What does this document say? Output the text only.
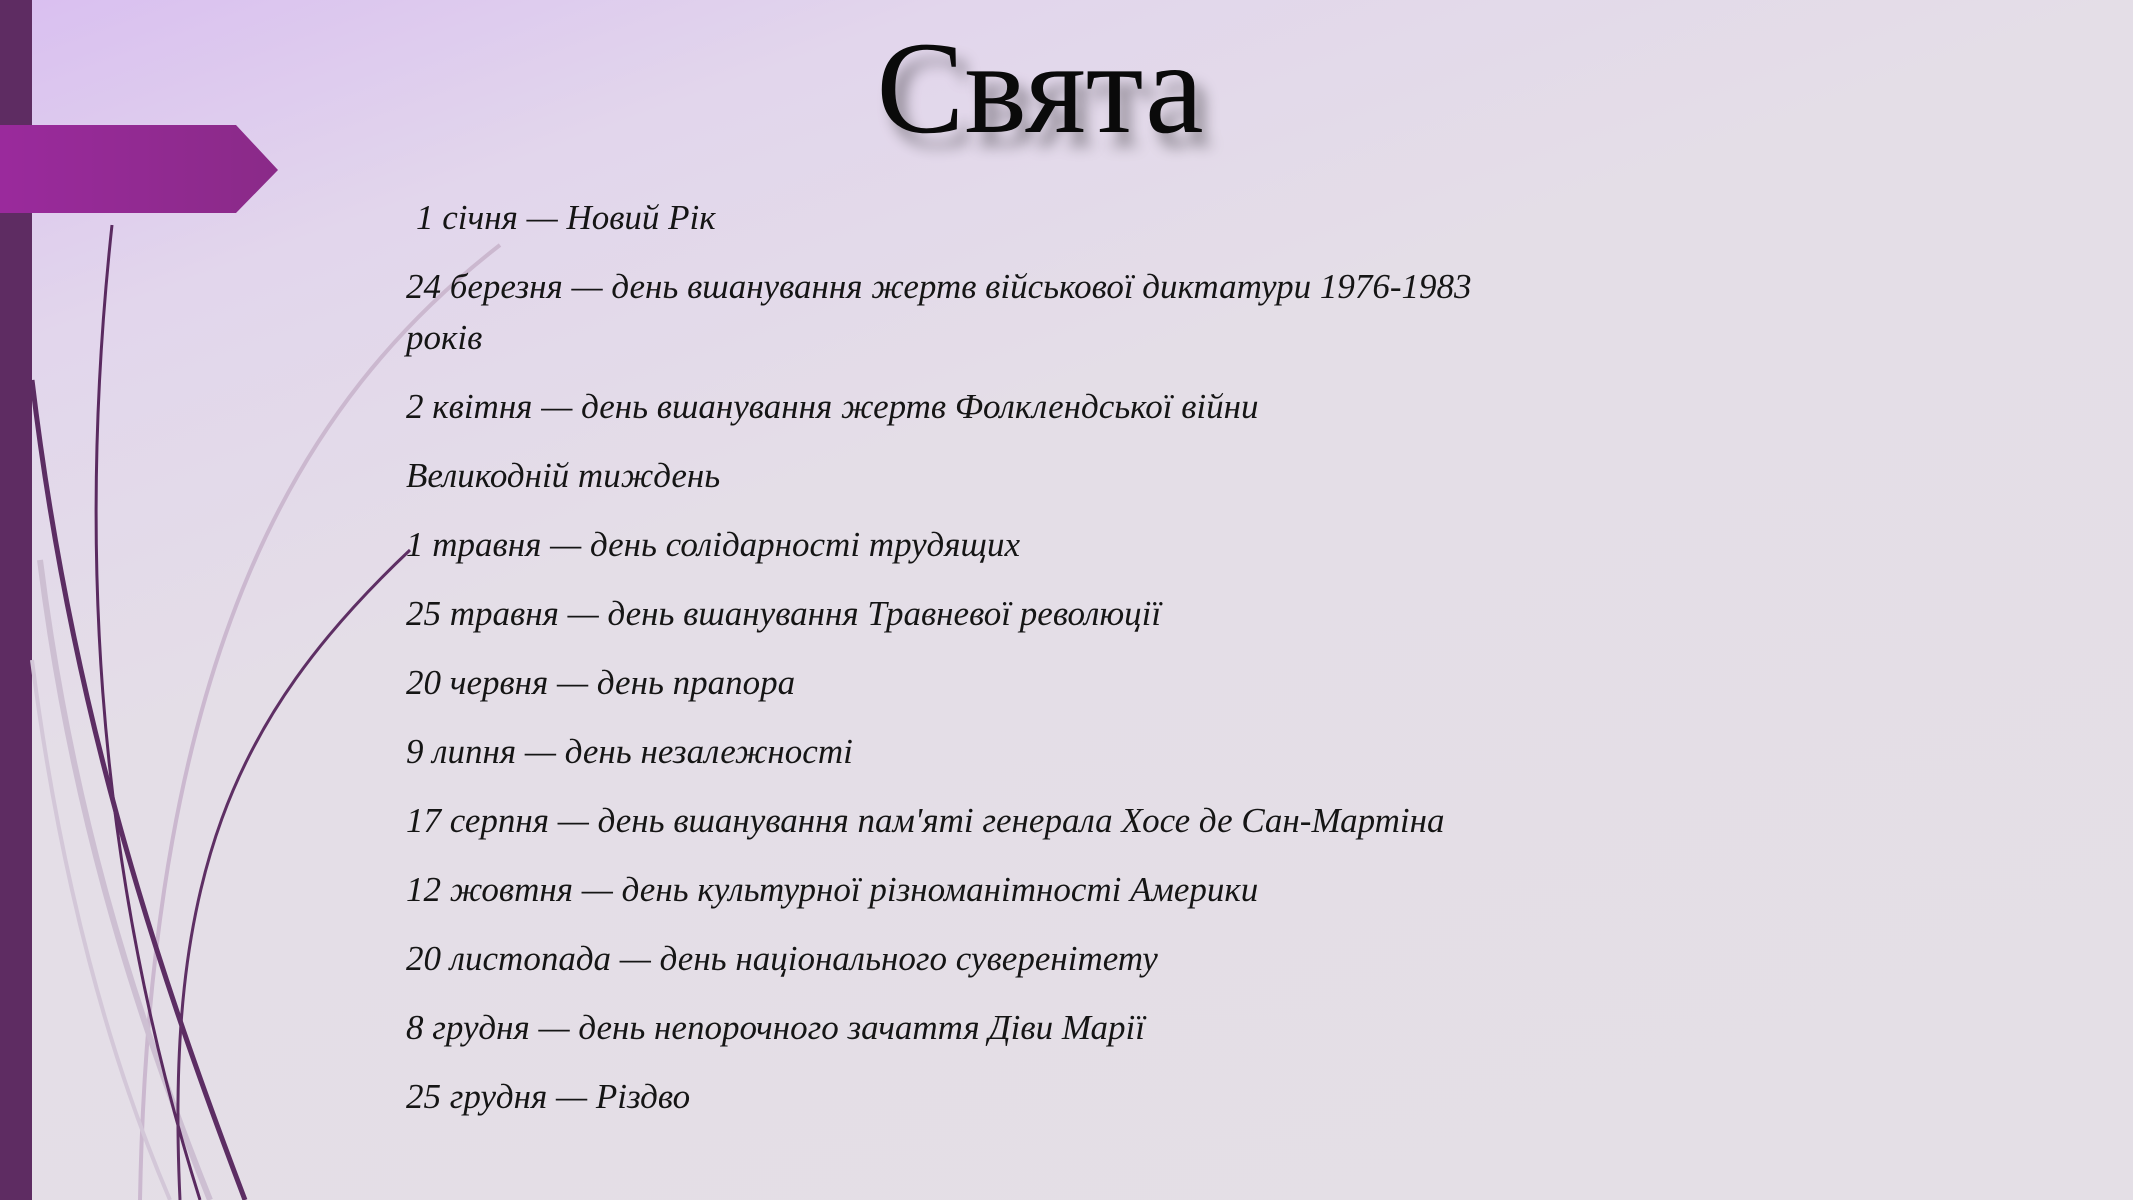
Свята
1 січня — Новий Рік
24 березня — день вшанування жертв військової диктатури 1976-1983 років
2 квітня — день вшанування жертв Фолклендської війни
Великодній тиждень
1 травня — день солідарності трудящих
25 травня — день вшанування Травневої революції
20 червня — день прапора
9 липня — день незалежності
17 серпня — день вшанування пам'яті генерала Хосе де Сан-Мартіна
12 жовтня — день культурної різноманітності Америки
20 листопада — день національного суверенітету
8 грудня — день непорочного зачаття Діви Марії
25 грудня — Різдво
